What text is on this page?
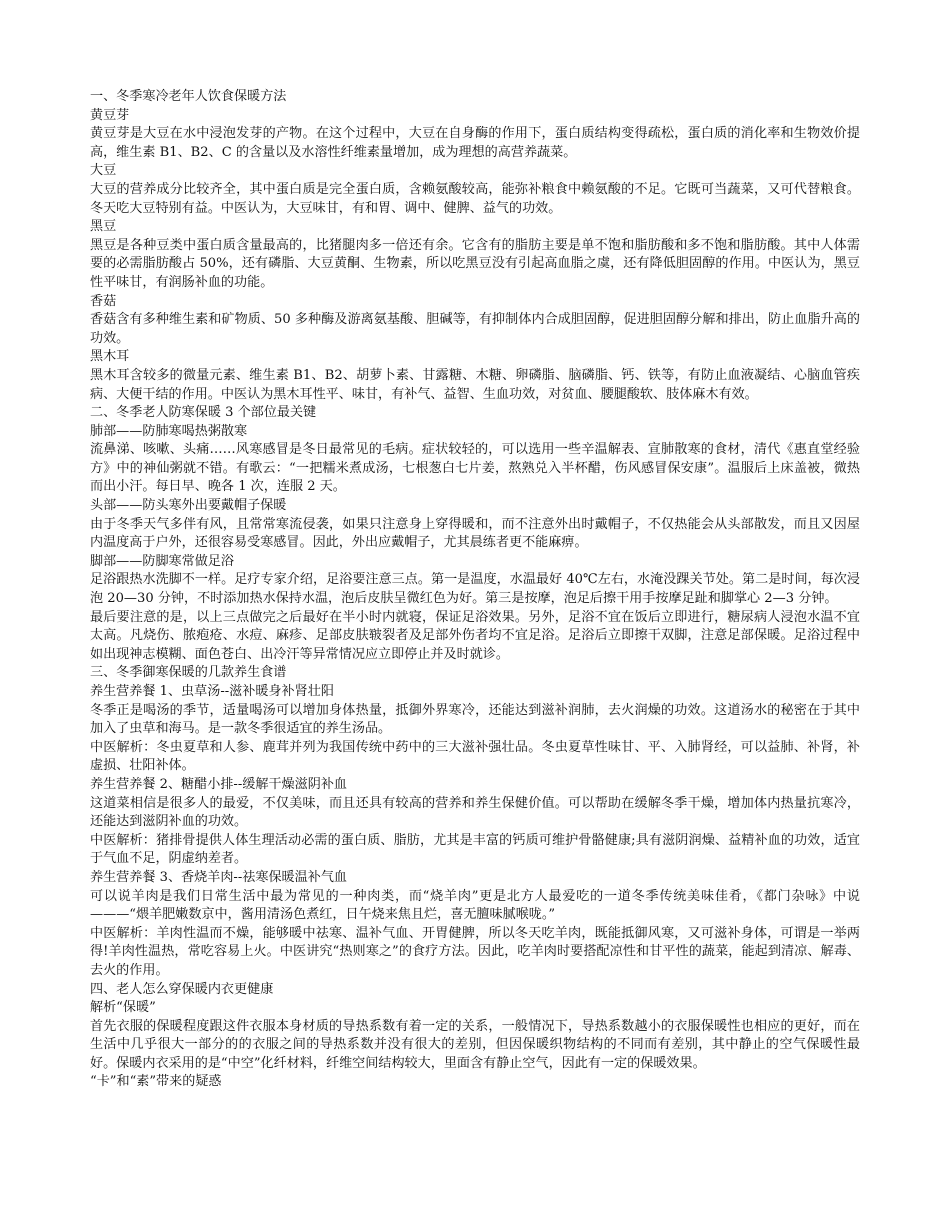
一、冬季寒冷老年人饮食保暖方法

黄豆芽

黄豆芽是大豆在水中浸泡发芽的产物。在这个过程中，大豆在自身酶的作用下，蛋白质结构变得疏松，蛋白质的消化率和生物效价提高，维生素 B1、B2、C 的含量以及水溶性纤维素量增加，成为理想的高营养蔬菜。

大豆

大豆的营养成分比较齐全，其中蛋白质是完全蛋白质，含赖氨酸较高，能弥补粮食中赖氨酸的不足。它既可当蔬菜，又可代替粮食。冬天吃大豆特别有益。中医认为，大豆味甘，有和胃、调中、健脾、益气的功效。

黑豆

黑豆是各种豆类中蛋白质含量最高的，比猪腿肉多一倍还有余。它含有的脂肪主要是单不饱和脂肪酸和多不饱和脂肪酸。其中人体需要的必需脂肪酸占 50%，还有磷脂、大豆黄酮、生物素，所以吃黑豆没有引起高血脂之虞，还有降低胆固醇的作用。中医认为，黑豆性平味甘，有润肠补血的功能。

香菇

香菇含有多种维生素和矿物质、50 多种酶及游离氨基酸、胆碱等，有抑制体内合成胆固醇，促进胆固醇分解和排出，防止血脂升高的功效。

黑木耳

黑木耳含较多的微量元素、维生素 B1、B2、胡萝卜素、甘露糖、木糖、卵磷脂、脑磷脂、钙、铁等，有防止血液凝结、心脑血管疾病、大便干结的作用。中医认为黑木耳性平、味甘，有补气、益智、生血功效，对贫血、腰腿酸软、肢体麻木有效。

二、冬季老人防寒保暖 3 个部位最关键

肺部——防肺寒喝热粥散寒

流鼻涕、咳嗽、头痛……风寒感冒是冬日最常见的毛病。症状较轻的，可以选用一些辛温解表、宣肺散寒的食材，清代《惠直堂经验方》中的神仙粥就不错。有歌云：“一把糯米煮成汤，七根葱白七片姜，熬熟兑入半杯醋，伤风感冒保安康”。温服后上床盖被，微热而出小汗。每日早、晚各 1 次，连服 2 天。

头部——防头寒外出要戴帽子保暖

由于冬季天气多伴有风，且常常寒流侵袭，如果只注意身上穿得暖和，而不注意外出时戴帽子，不仅热能会从头部散发，而且又因屋内温度高于户外，还很容易受寒感冒。因此，外出应戴帽子，尤其晨练者更不能麻痹。

脚部——防脚寒常做足浴

足浴跟热水洗脚不一样。足疗专家介绍，足浴要注意三点。第一是温度，水温最好 40℃左右，水淹没踝关节处。第二是时间，每次浸泡 20—30 分钟，不时添加热水保持水温，泡后皮肤呈微红色为好。第三是按摩，泡足后擦干用手按摩足趾和脚掌心 2—3 分钟。

最后要注意的是，以上三点做完之后最好在半小时内就寝，保证足浴效果。另外，足浴不宜在饭后立即进行，糖尿病人浸泡水温不宜太高。凡烧伤、脓疱疮、水痘、麻疹、足部皮肤皲裂者及足部外伤者均不宜足浴。足浴后立即擦干双脚，注意足部保暖。足浴过程中如出现神志模糊、面色苍白、出冷汗等异常情况应立即停止并及时就诊。

三、冬季御寒保暖的几款养生食谱

养生营养餐 1、虫草汤--滋补暖身补肾壮阳

冬季正是喝汤的季节，适量喝汤可以增加身体热量，抵御外界寒冷，还能达到滋补润肺，去火润燥的功效。这道汤水的秘密在于其中加入了虫草和海马。是一款冬季很适宜的养生汤品。

中医解析：冬虫夏草和人参、鹿茸并列为我国传统中药中的三大滋补强壮品。冬虫夏草性味甘、平、入肺肾经，可以益肺、补肾，补虚损、壮阳补体。

养生营养餐 2、糖醋小排--缓解干燥滋阴补血

这道菜相信是很多人的最爱，不仅美味，而且还具有较高的营养和养生保健价值。可以帮助在缓解冬季干燥，增加体内热量抗寒冷，还能达到滋阴补血的功效。

中医解析：猪排骨提供人体生理活动必需的蛋白质、脂肪，尤其是丰富的钙质可维护骨骼健康;具有滋阴润燥、益精补血的功效，适宜于气血不足，阴虚纳差者。

养生营养餐 3、香烧羊肉--祛寒保暖温补气血

可以说羊肉是我们日常生活中最为常见的一种肉类，而“烧羊肉”更是北方人最爱吃的一道冬季传统美味佳肴，《都门杂咏》中说———“煨羊肥嫩数京中，酱用清汤色煮红，日午烧来焦且烂，喜无膻味腻喉咙。”

中医解析：羊肉性温而不燥，能够暖中祛寒、温补气血、开胃健脾，所以冬天吃羊肉，既能抵御风寒，又可滋补身体，可谓是一举两得!羊肉性温热，常吃容易上火。中医讲究“热则寒之”的食疗方法。因此，吃羊肉时要搭配凉性和甘平性的蔬菜，能起到清凉、解毒、去火的作用。

四、老人怎么穿保暖内衣更健康

解析“保暖”

首先衣服的保暖程度跟这件衣服本身材质的导热系数有着一定的关系，一般情况下，导热系数越小的衣服保暖性也相应的更好，而在生活中几乎很大一部分的的衣服之间的导热系数并没有很大的差别，但因保暖织物结构的不同而有差别，其中静止的空气保暖性最好。保暖内衣采用的是“中空”化纤材料，纤维空间结构较大，里面含有静止空气，因此有一定的保暖效果。

“卡”和“素”带来的疑惑
